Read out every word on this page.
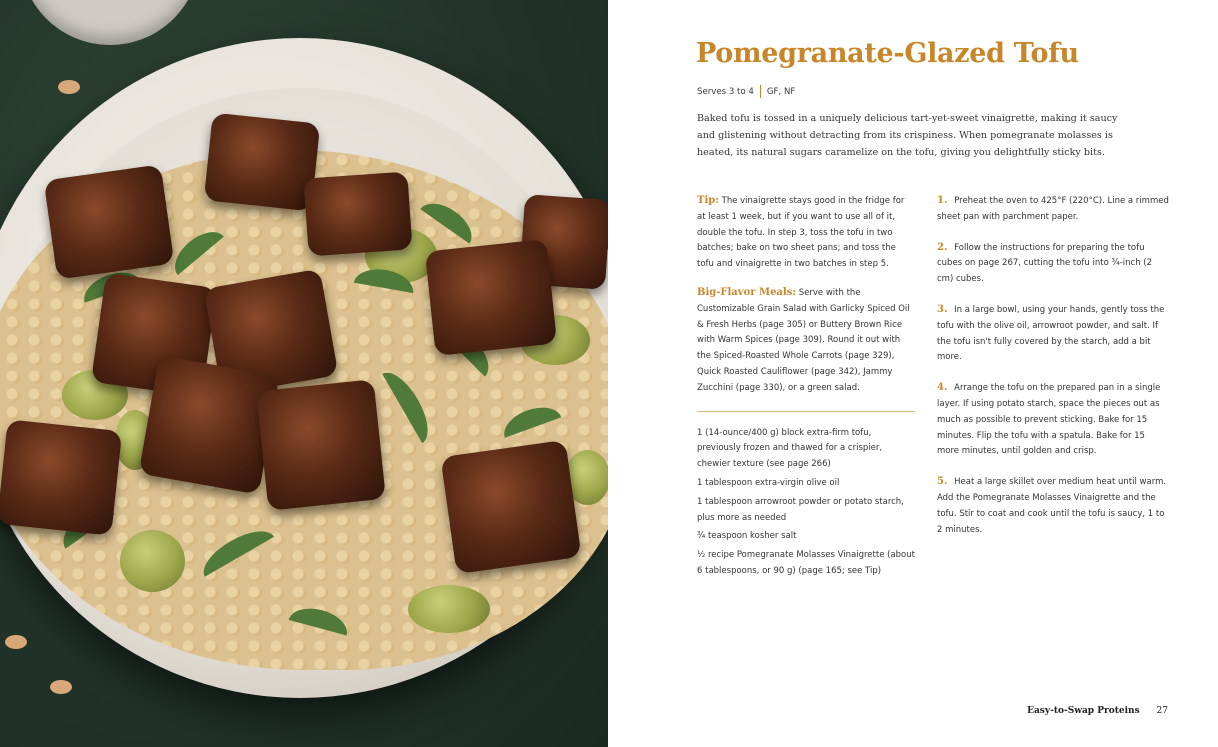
Pomegranate-Glazed Tofu
Serves 3 to 4 GF, NF

Baked tofu is tossed in a uniquely delicious tart-yet-sweet vinaigrette, making it saucy and glistening without detracting from its crispiness. When pomegranate molasses is heated, its natural sugars caramelize on the tofu, giving you delightfully sticky bits.

Tip: The vinaigrette stays good in the fridge for at least 1 week, but if you want to use all of it, double the tofu. In step 3, toss the tofu in two batches; bake on two sheet pans; and toss the tofu and vinaigrette in two batches in step 5.

Big-Flavor Meals: Serve with the Customizable Grain Salad with Garlicky Spiced Oil & Fresh Herbs (page 305) or Buttery Brown Rice with Warm Spices (page 309). Round it out with the Spiced-Roasted Whole Carrots (page 329), Quick Roasted Cauliflower (page 342), Jammy Zucchini (page 330), or a green salad.

1 (14-ounce/400 g) block extra-firm tofu, previously frozen and thawed for a crispier, chewier texture (see page 266)
1 tablespoon extra-virgin olive oil
1 tablespoon arrowroot powder or potato starch, plus more as needed
¾ teaspoon kosher salt
½ recipe Pomegranate Molasses Vinaigrette (about 6 tablespoons, or 90 g) (page 165; see Tip)

1. Preheat the oven to 425°F (220°C). Line a rimmed sheet pan with parchment paper.

2. Follow the instructions for preparing the tofu cubes on page 267, cutting the tofu into ¾-inch (2 cm) cubes.

3. In a large bowl, using your hands, gently toss the tofu with the olive oil, arrowroot powder, and salt. If the tofu isn't fully covered by the starch, add a bit more.

4. Arrange the tofu on the prepared pan in a single layer. If using potato starch, space the pieces out as much as possible to prevent sticking. Bake for 15 minutes. Flip the tofu with a spatula. Bake for 15 more minutes, until golden and crisp.

5. Heat a large skillet over medium heat until warm. Add the Pomegranate Molasses Vinaigrette and the tofu. Stir to coat and cook until the tofu is saucy, 1 to 2 minutes.

Easy-to-Swap Proteins 27
